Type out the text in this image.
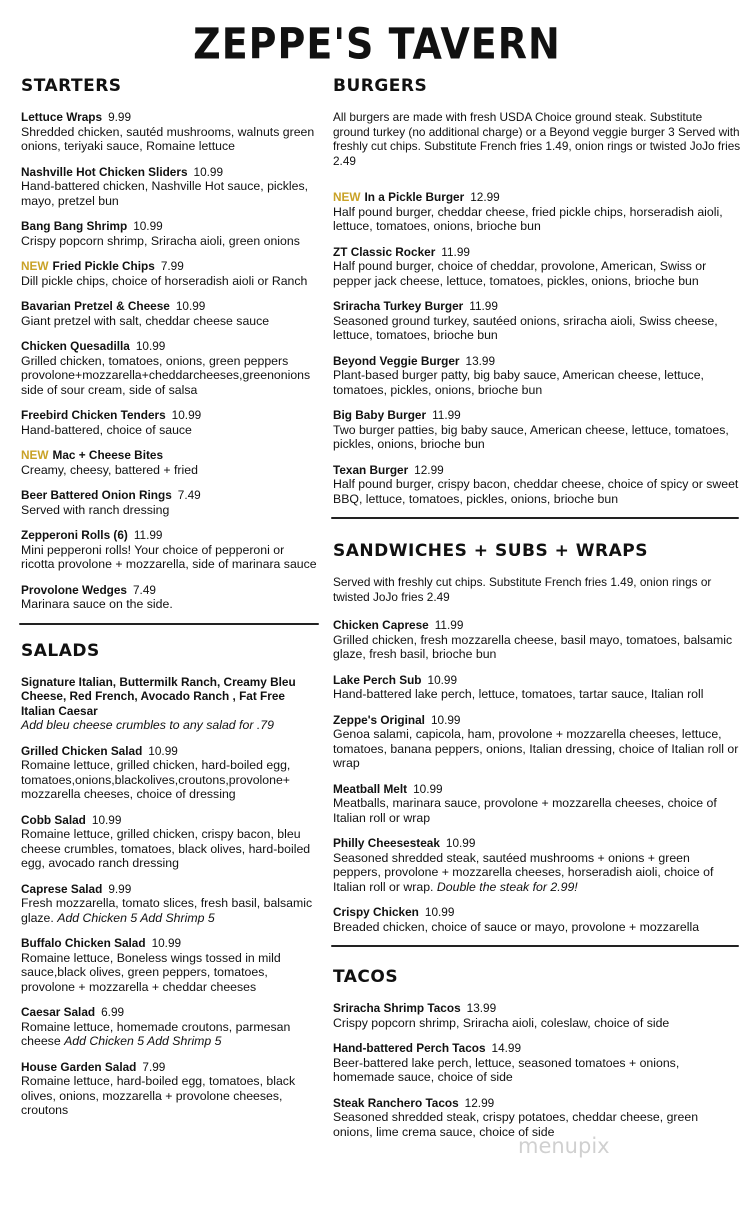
ZEPPE'S TAVERN
STARTERS
Lettuce Wraps 9.99
Shredded chicken, sautéd mushrooms, walnuts green onions, teriyaki sauce, Romaine lettuce
Nashville Hot Chicken Sliders 10.99
Hand-battered chicken, Nashville Hot sauce, pickles, mayo, pretzel bun
Bang Bang Shrimp 10.99
Crispy popcorn shrimp, Sriracha aioli, green onions
NEW Fried Pickle Chips 7.99
Dill pickle chips, choice of horseradish aioli or Ranch
Bavarian Pretzel & Cheese 10.99
Giant pretzel with salt, cheddar cheese sauce
Chicken Quesadilla 10.99
Grilled chicken, tomatoes, onions, green peppers provolone+mozzarella+cheddarcheeses,greenonions side of sour cream, side of salsa
Freebird Chicken Tenders 10.99
Hand-battered, choice of sauce
NEW Mac + Cheese Bites
Creamy, cheesy, battered + fried
Beer Battered Onion Rings 7.49
Served with ranch dressing
Zepperoni Rolls (6) 11.99
Mini pepperoni rolls! Your choice of pepperoni or ricotta provolone + mozzarella, side of marinara sauce
Provolone Wedges 7.49
Marinara sauce on the side.
SALADS
Signature Italian, Buttermilk Ranch, Creamy Bleu Cheese, Red French, Avocado Ranch , Fat Free Italian Caesar
Add bleu cheese crumbles to any salad for .79
Grilled Chicken Salad 10.99
Romaine lettuce, grilled chicken, hard-boiled egg, tomatoes,onions,blackolives,croutons,provolone+ mozzarella cheeses, choice of dressing
Cobb Salad 10.99
Romaine lettuce, grilled chicken, crispy bacon, bleu cheese crumbles, tomatoes, black olives, hard-boiled egg, avocado ranch dressing
Caprese Salad 9.99
Fresh mozzarella, tomato slices, fresh basil, balsamic glaze. Add Chicken 5 Add Shrimp 5
Buffalo Chicken Salad 10.99
Romaine lettuce, Boneless wings tossed in mild sauce,black olives, green peppers, tomatoes, provolone + mozzarella + cheddar cheeses
Caesar Salad 6.99
Romaine lettuce, homemade croutons, parmesan cheese Add Chicken 5 Add Shrimp 5
House Garden Salad 7.99
Romaine lettuce, hard-boiled egg, tomatoes, black olives, onions, mozzarella + provolone cheeses, croutons
BURGERS
All burgers are made with fresh USDA Choice ground steak. Substitute ground turkey (no additional charge) or a Beyond veggie burger 3 Served with freshly cut chips. Substitute French fries 1.49, onion rings or twisted JoJo fries 2.49
NEW In a Pickle Burger 12.99
Half pound burger, cheddar cheese, fried pickle chips, horseradish aioli, lettuce, tomatoes, onions, brioche bun
ZT Classic Rocker 11.99
Half pound burger, choice of cheddar, provolone, American, Swiss or pepper jack cheese, lettuce, tomatoes, pickles, onions, brioche bun
Sriracha Turkey Burger 11.99
Seasoned ground turkey, sautéed onions, sriracha aioli, Swiss cheese, lettuce, tomatoes, brioche bun
Beyond Veggie Burger 13.99
Plant-based burger patty, big baby sauce, American cheese, lettuce, tomatoes, pickles, onions, brioche bun
Big Baby Burger 11.99
Two burger patties, big baby sauce, American cheese, lettuce, tomatoes, pickles, onions, brioche bun
Texan Burger 12.99
Half pound burger, crispy bacon, cheddar cheese, choice of spicy or sweet BBQ, lettuce, tomatoes, pickles, onions, brioche bun
SANDWICHES + SUBS + WRAPS
Served with freshly cut chips. Substitute French fries 1.49, onion rings or twisted JoJo fries 2.49
Chicken Caprese 11.99
Grilled chicken, fresh mozzarella cheese, basil mayo, tomatoes, balsamic glaze, fresh basil, brioche bun
Lake Perch Sub 10.99
Hand-battered lake perch, lettuce, tomatoes, tartar sauce, Italian roll
Zeppe's Original 10.99
Genoa salami, capicola, ham, provolone + mozzarella cheeses, lettuce, tomatoes, banana peppers, onions, Italian dressing, choice of Italian roll or wrap
Meatball Melt 10.99
Meatballs, marinara sauce, provolone + mozzarella cheeses, choice of Italian roll or wrap
Philly Cheesesteak 10.99
Seasoned shredded steak, sautéed mushrooms + onions + green peppers, provolone + mozzarella cheeses, horseradish aioli, choice of Italian roll or wrap. Double the steak for 2.99!
Crispy Chicken 10.99
Breaded chicken, choice of sauce or mayo, provolone + mozzarella
TACOS
Sriracha Shrimp Tacos 13.99
Crispy popcorn shrimp, Sriracha aioli, coleslaw, choice of side
Hand-battered Perch Tacos 14.99
Beer-battered lake perch, lettuce, seasoned tomatoes + onions, homemade sauce, choice of side
Steak Ranchero Tacos 12.99
Seasoned shredded steak, crispy potatoes, cheddar cheese, green onions, lime crema sauce, choice of side
menupix
